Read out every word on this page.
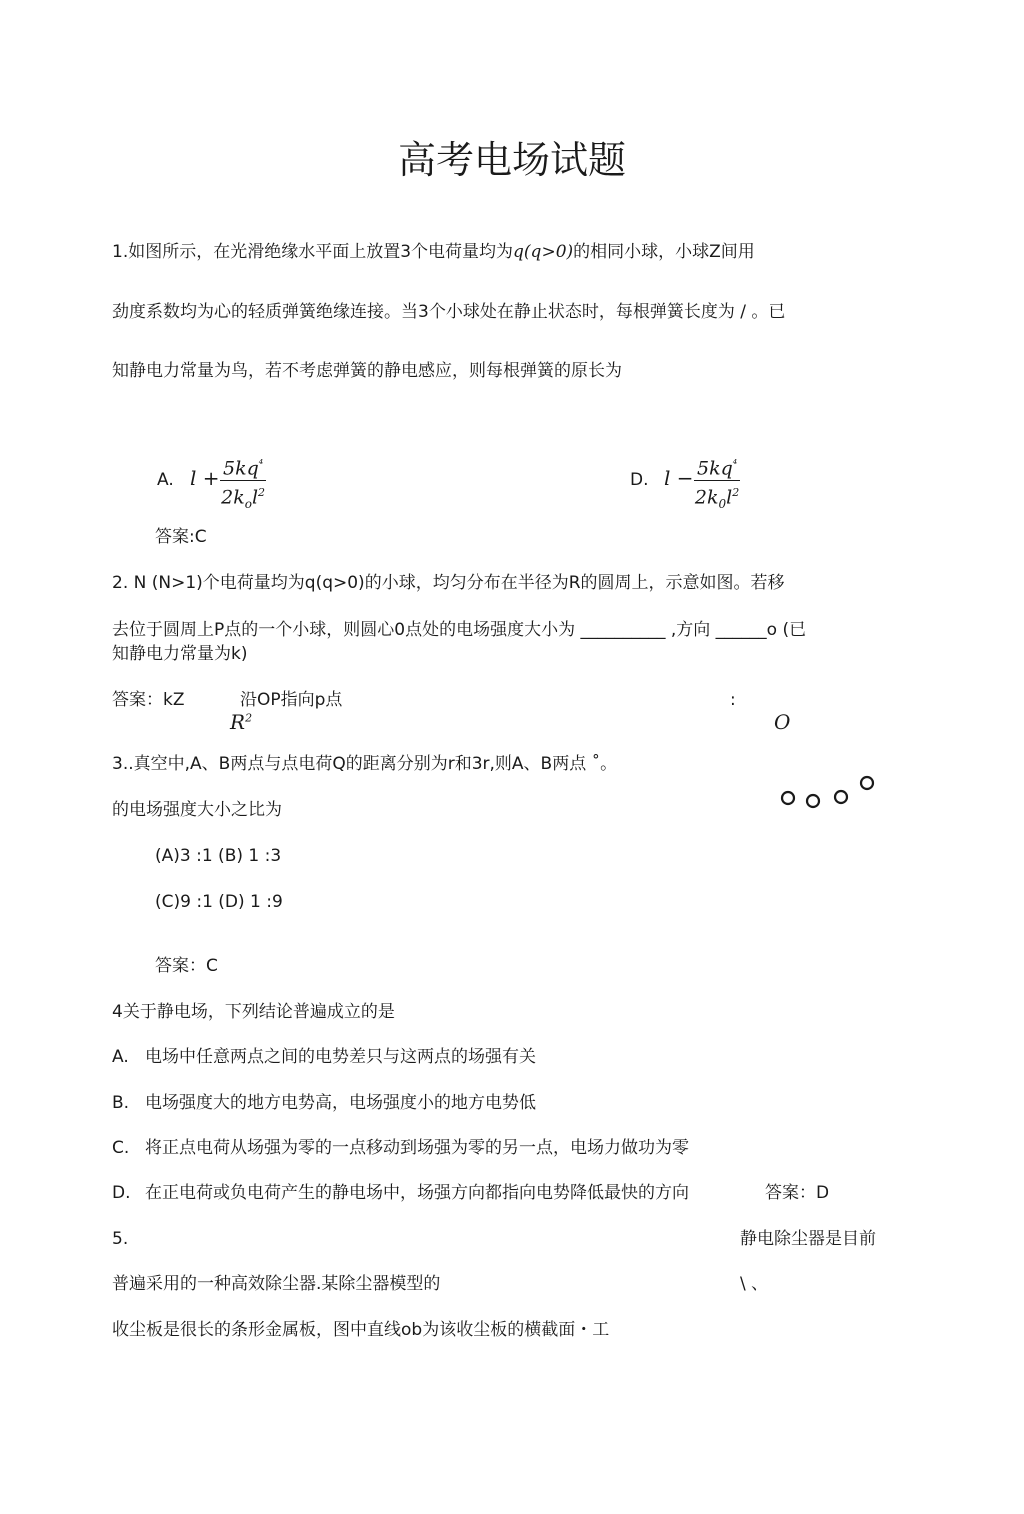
高考电场试题
1.如图所示，在光滑绝缘水平面上放置3个电荷量均为q(q>0)的相同小球，小球Z间用
劲度系数均为心的轻质弹簧绝缘连接。当3个小球处在静止状态时，每根弹簧长度为 / 。已
知静电力常量为鸟，若不考虑弹簧的静电感应，则每根弹簧的原长为
A. $l + 5kq^{^4}$
$2k_ol^2$
D. $l - 5kq^{^4}$
$2k_0l^2$
答案:C
2. N (N>1)个电荷量均为q(q>0)的小球，均匀分布在半径为R的圆周上，示意如图。若移
去位于圆周上P点的一个小球，则圆心0点处的电场强度大小为 __________ ,方向 ______o (已
知静电力常量为k)
答案：kZ	沿OP指向p点
$R^2$
:
O
3..真空中,A、B两点与点电荷Q的距离分别为r和3r,则A、B两点 ˚。
的电场强度大小之比为
(A)3 :1 (B) 1 :3
(C)9 :1 (D) 1 :9
答案：C
4关于静电场，下列结论普遍成立的是
A. 电场中任意两点之间的电势差只与这两点的场强有关
B. 电场强度大的地方电势高，电场强度小的地方电势低
C. 将正点电荷从场强为零的一点移动到场强为零的另一点，电场力做功为零
D. 在正电荷或负电荷产生的静电场中，场强方向都指向电势降低最快的方向	答案：D
5.	静电除尘器是目前
普遍采用的一种高效除尘器.某除尘器模型的	\ 、
收尘板是很长的条形金属板，图中直线ob为该收尘板的横截面・工
